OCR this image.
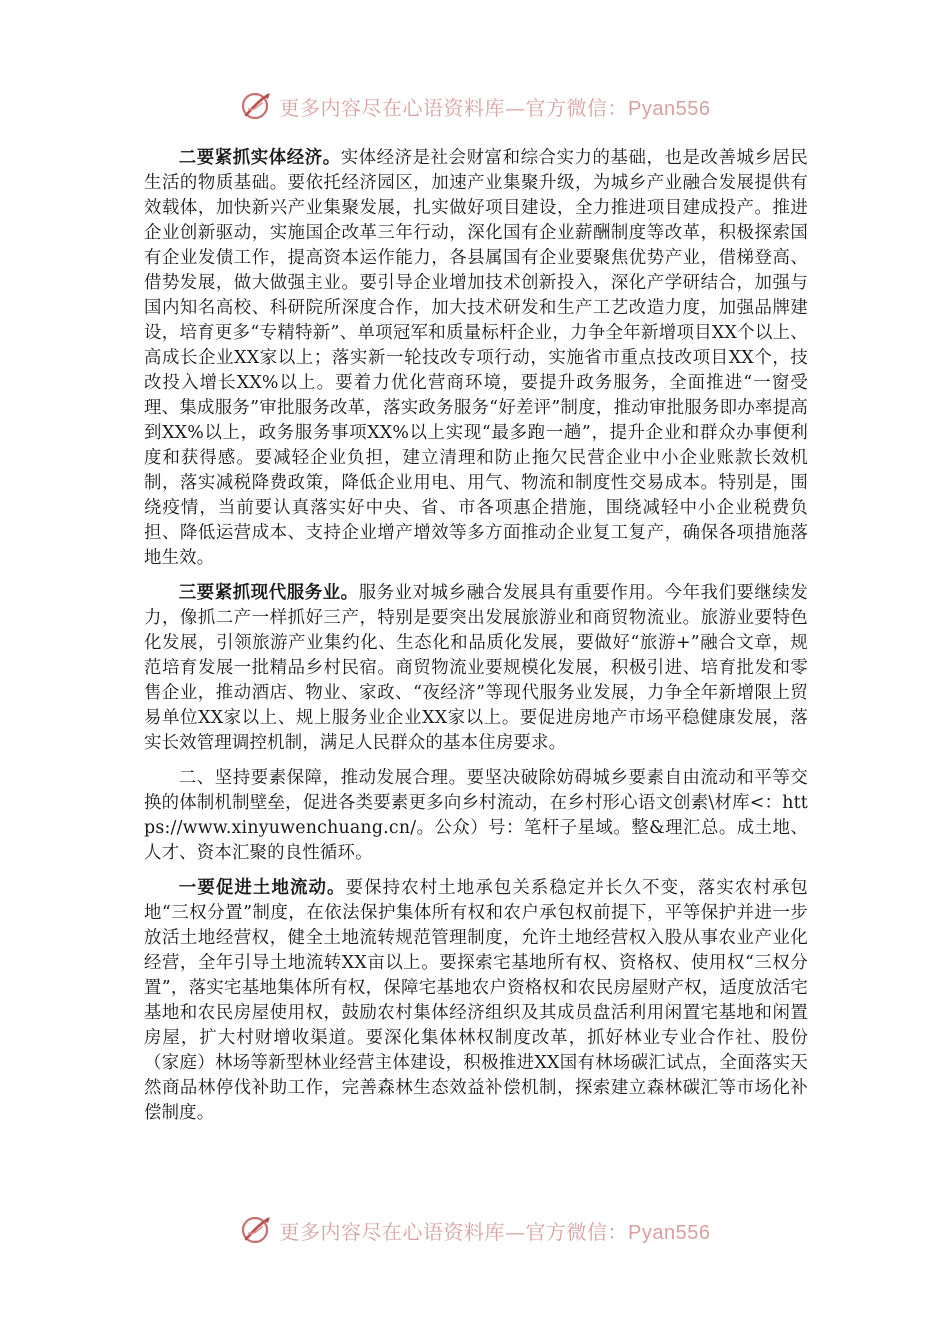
更多内容尽在心语资料库—官方微信：Pyan556

二要紧抓实体经济。实体经济是社会财富和综合实力的基础，也是改善城乡居民生活的物质基础。要依托经济园区，加速产业集聚升级，为城乡产业融合发展提供有效载体，加快新兴产业集聚发展，扎实做好项目建设，全力推进项目建成投产。推进企业创新驱动，实施国企改革三年行动，深化国有企业薪酬制度等改革，积极探索国有企业发债工作，提高资本运作能力，各县属国有企业要聚焦优势产业，借梯登高、借势发展，做大做强主业。要引导企业增加技术创新投入，深化产学研结合，加强与国内知名高校、科研院所深度合作，加大技术研发和生产工艺改造力度，加强品牌建设，培育更多“专精特新”、单项冠军和质量标杆企业，力争全年新增项目XX个以上、高成长企业XX家以上；落实新一轮技改专项行动，实施省市重点技改项目XX个，技改投入增长XX%以上。要着力优化营商环境，要提升政务服务，全面推进“一窗受理、集成服务”审批服务改革，落实政务服务“好差评”制度，推动审批服务即办率提高到XX%以上，政务服务事项XX%以上实现“最多跑一趟”，提升企业和群众办事便利度和获得感。要减轻企业负担，建立清理和防止拖欠民营企业中小企业账款长效机制，落实减税降费政策，降低企业用电、用气、物流和制度性交易成本。特别是，围绕疫情，当前要认真落实好中央、省、市各项惠企措施，围绕减轻中小企业税费负担、降低运营成本、支持企业增产增效等多方面推动企业复工复产，确保各项措施落地生效。

三要紧抓现代服务业。服务业对城乡融合发展具有重要作用。今年我们要继续发力，像抓二产一样抓好三产，特别是要突出发展旅游业和商贸物流业。旅游业要特色化发展，引领旅游产业集约化、生态化和品质化发展，要做好“旅游+”融合文章，规范培育发展一批精品乡村民宿。商贸物流业要规模化发展，积极引进、培育批发和零售企业，推动酒店、物业、家政、“夜经济”等现代服务业发展，力争全年新增限上贸易单位XX家以上、规上服务业企业XX家以上。要促进房地产市场平稳健康发展，落实长效管理调控机制，满足人民群众的基本住房要求。

二、坚持要素保障，推动发展合理。要坚决破除妨碍城乡要素自由流动和平等交换的体制机制壁垒，促进各类要素更多向乡村流动，在乡村形心语文创素\材库<：https://www.xinyuwenchuang.cn/。公众）号：笔杆子星域。整&理汇总。成土地、人才、资本汇聚的良性循环。

一要促进土地流动。要保持农村土地承包关系稳定并长久不变，落实农村承包地“三权分置”制度，在依法保护集体所有权和农户承包权前提下，平等保护并进一步放活土地经营权，健全土地流转规范管理制度，允许土地经营权入股从事农业产业化经营，全年引导土地流转XX亩以上。要探索宅基地所有权、资格权、使用权“三权分置”，落实宅基地集体所有权，保障宅基地农户资格权和农民房屋财产权，适度放活宅基地和农民房屋使用权，鼓励农村集体经济组织及其成员盘活利用闲置宅基地和闲置房屋，扩大村财增收渠道。要深化集体林权制度改革，抓好林业专业合作社、股份（家庭）林场等新型林业经营主体建设，积极推进XX国有林场碳汇试点，全面落实天然商品林停伐补助工作，完善森林生态效益补偿机制，探索建立森林碳汇等市场化补偿制度。

更多内容尽在心语资料库—官方微信：Pyan556
